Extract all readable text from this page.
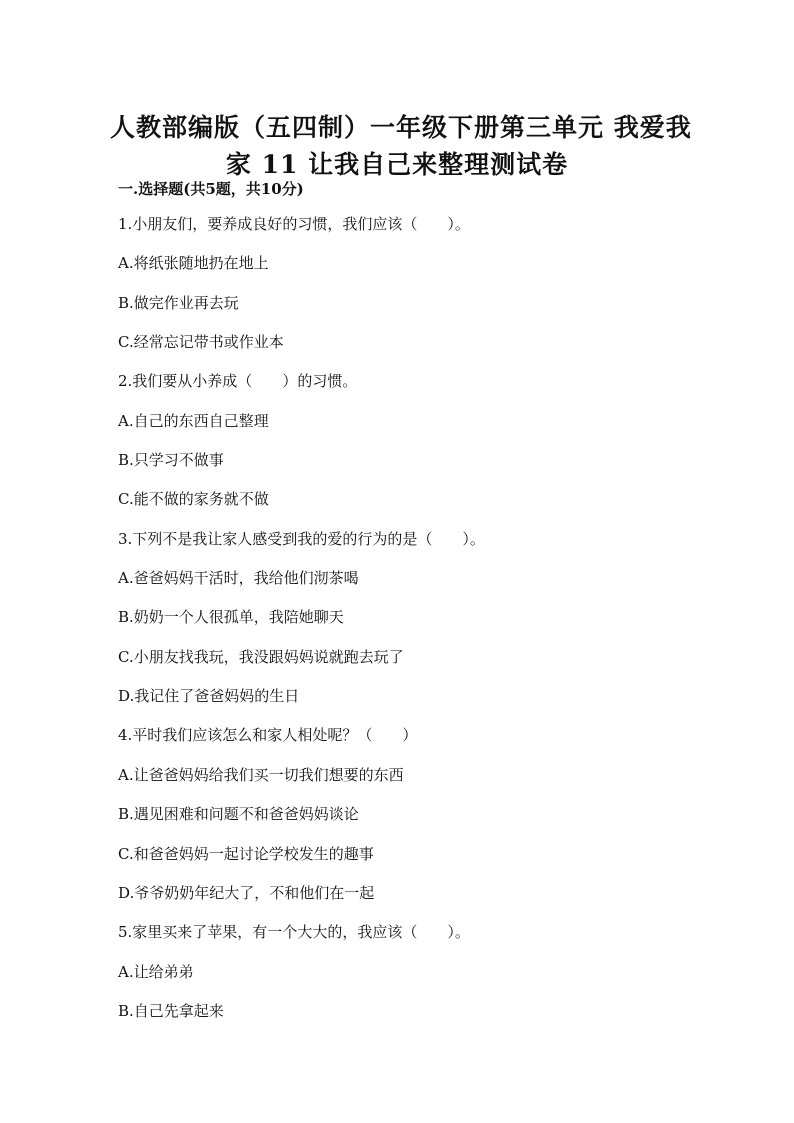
人教部编版（五四制）一年级下册第三单元 我爱我
家 11 让我自己来整理测试卷
一.选择题(共5题，共10分)
1.小朋友们，要养成良好的习惯，我们应该（　　）。
A.将纸张随地扔在地上
B.做完作业再去玩
C.经常忘记带书或作业本
2.我们要从小养成（　　）的习惯。
A.自己的东西自己整理
B.只学习不做事
C.能不做的家务就不做
3.下列不是我让家人感受到我的爱的行为的是（　　）。
A.爸爸妈妈干活时，我给他们沏茶喝
B.奶奶一个人很孤单，我陪她聊天
C.小朋友找我玩，我没跟妈妈说就跑去玩了
D.我记住了爸爸妈妈的生日
4.平时我们应该怎么和家人相处呢？（　　）
A.让爸爸妈妈给我们买一切我们想要的东西
B.遇见困难和问题不和爸爸妈妈谈论
C.和爸爸妈妈一起讨论学校发生的趣事
D.爷爷奶奶年纪大了，不和他们在一起
5.家里买来了苹果，有一个大大的，我应该（　　）。
A.让给弟弟
B.自己先拿起来
